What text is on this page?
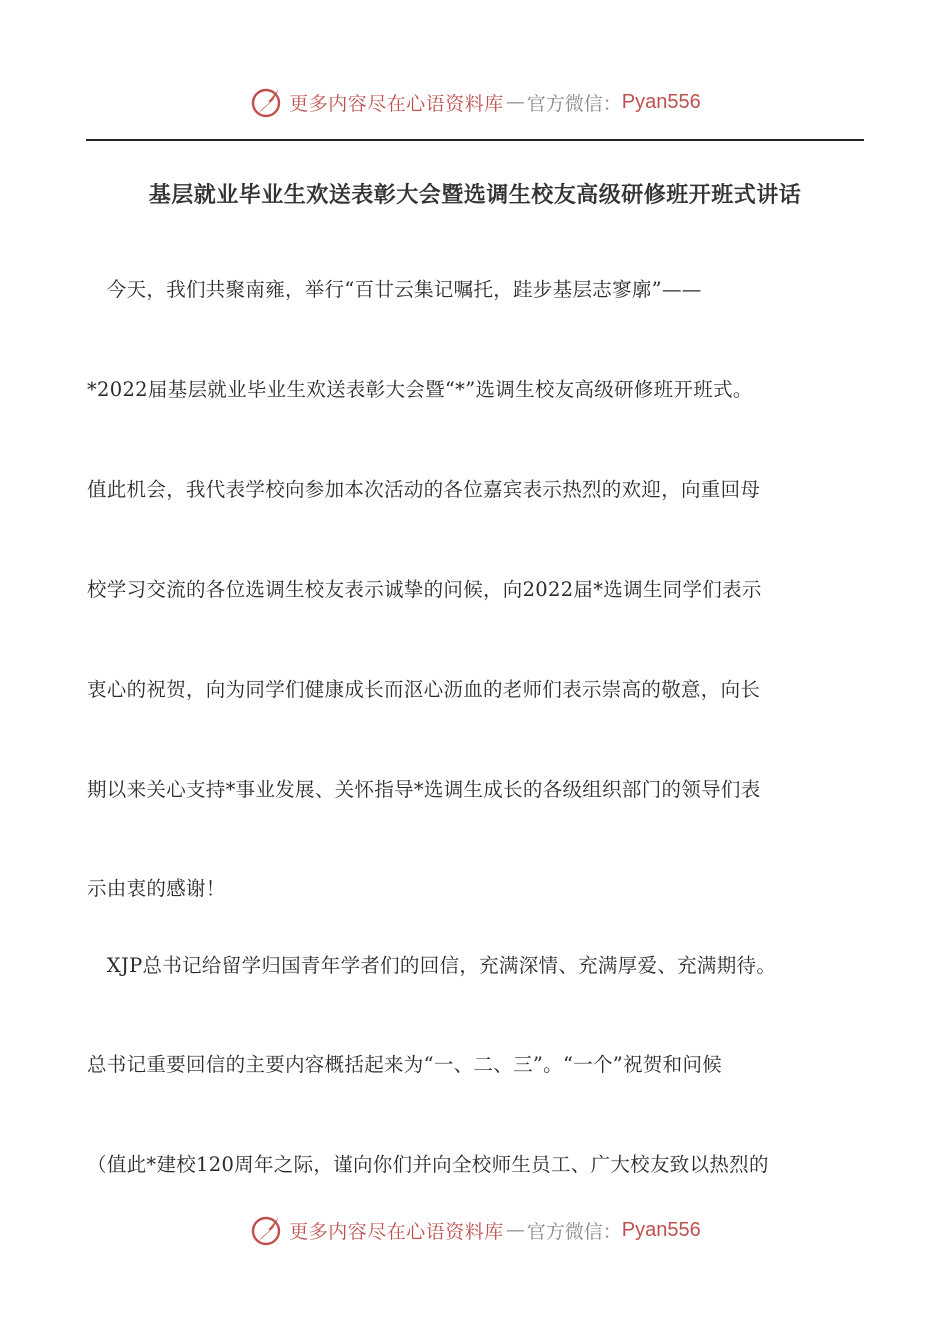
更多内容尽在心语资料库 — 官方微信： Pyan556
基层就业毕业生欢送表彰大会暨选调生校友高级研修班开班式讲话
　今天，我们共聚南雍，举行“百廿云集记嘱托，跬步基层志寥廓”——
*2022届基层就业毕业生欢送表彰大会暨“*”选调生校友高级研修班开班式。
值此机会，我代表学校向参加本次活动的各位嘉宾表示热烈的欢迎，向重回母
校学习交流的各位选调生校友表示诚挚的问候，向2022届*选调生同学们表示
衷心的祝贺，向为同学们健康成长而沤心沥血的老师们表示崇高的敬意，向长
期以来关心支持*事业发展、关怀指导*选调生成长的各级组织部门的领导们表
示由衷的感谢！
　XJP总书记给留学归国青年学者们的回信，充满深情、充满厚爱、充满期待。
总书记重要回信的主要内容概括起来为“一、二、三”。“一个”祝贺和问候
（值此*建校120周年之际，谨向你们并向全校师生员工、广大校友致以热烈的
更多内容尽在心语资料库 — 官方微信： Pyan556
